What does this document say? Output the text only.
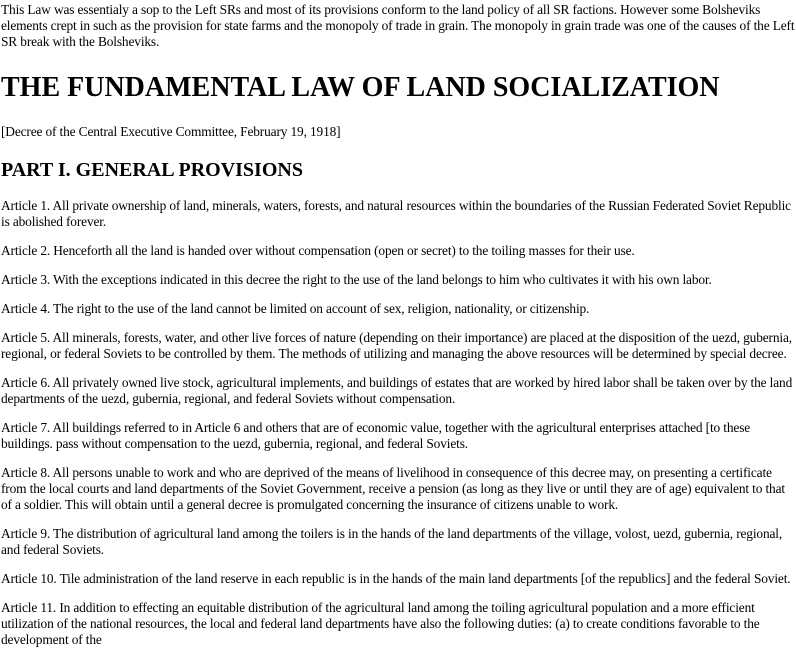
This Law was essentialy a sop to the Left SRs and most of its provisions conform to the land policy of all SR factions. However some Bolsheviks elements crept in such as the provision for state farms and the monopoly of trade in grain. The monopoly in grain trade was one of the causes of the Left SR break with the Bolsheviks.

THE FUNDAMENTAL LAW OF LAND SOCIALIZATION

[Decree of the Central Executive Committee, February 19, 1918]

PART I. GENERAL PROVISIONS

Article 1. All private ownership of land, minerals, waters, forests, and natural resources within the boundaries of the Russian Federated Soviet Republic is abolished forever.

Article 2. Henceforth all the land is handed over without compensation (open or secret) to the toiling masses for their use.

Article 3. With the exceptions indicated in this decree the right to the use of the land belongs to him who cultivates it with his own labor.

Article 4. The right to the use of the land cannot be limited on account of sex, religion, nationality, or citizenship.

Article 5. All minerals, forests, water, and other live forces of nature (depending on their importance) are placed at the disposition of the uezd, gubernia, regional, or federal Soviets to be controlled by them. The methods of utilizing and managing the above resources will be determined by special decree.

Article 6. All privately owned live stock, agricultural implements, and buildings of estates that are worked by hired labor shall be taken over by the land departments of the uezd, gubernia, regional, and federal Soviets without compensation.

Article 7. All buildings referred to in Article 6 and others that are of economic value, together with the agricultural enterprises attached [to these buildings. pass without compensation to the uezd, gubernia, regional, and federal Soviets.

Article 8. All persons unable to work and who are deprived of the means of livelihood in consequence of this decree may, on presenting a certificate from the local courts and land departments of the Soviet Government, receive a pension (as long as they live or until they are of age) equivalent to that of a soldier. This will obtain until a general decree is promulgated concerning the insurance of citizens unable to work.

Article 9. The distribution of agricultural land among the toilers is in the hands of the land departments of the village, volost, uezd, gubernia, regional, and federal Soviets.

Article 10. Tile administration of the land reserve in each republic is in the hands of the main land departments [of the republics] and the federal Soviet.

Article 11. In addition to effecting an equitable distribution of the agricultural land among the toiling agricultural population and a more efficient utilization of the national resources, the local and federal land departments have also the following duties: (a) to create conditions favorable to the development of the
